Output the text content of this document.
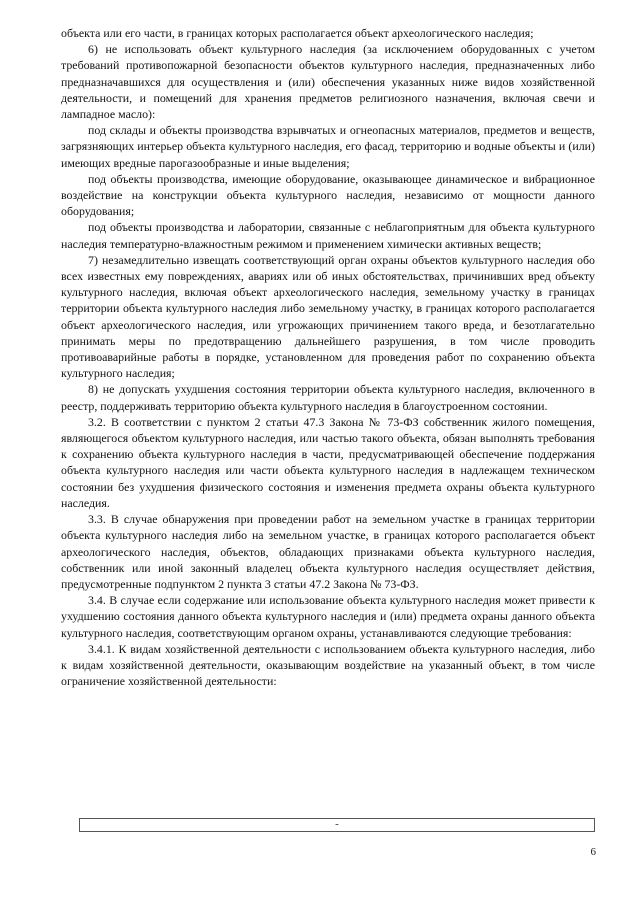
объекта или его части, в границах которых располагается объект археологического наследия;

6) не использовать объект культурного наследия (за исключением оборудованных с учетом требований противопожарной безопасности объектов культурного наследия, предназначенных либо предназначавшихся для осуществления и (или) обеспечения указанных ниже видов хозяйственной деятельности, и помещений для хранения предметов религиозного назначения, включая свечи и лампадное масло):

под склады и объекты производства взрывчатых и огнеопасных материалов, предметов и веществ, загрязняющих интерьер объекта культурного наследия, его фасад, территорию и водные объекты и (или) имеющих вредные парогазообразные и иные выделения;

под объекты производства, имеющие оборудование, оказывающее динамическое и вибрационное воздействие на конструкции объекта культурного наследия, независимо от мощности данного оборудования;

под объекты производства и лаборатории, связанные с неблагоприятным для объекта культурного наследия температурно-влажностным режимом и применением химически активных веществ;

7) незамедлительно извещать соответствующий орган охраны объектов культурного наследия обо всех известных ему повреждениях, авариях или об иных обстоятельствах, причинивших вред объекту культурного наследия, включая объект археологического наследия, земельному участку в границах территории объекта культурного наследия либо земельному участку, в границах которого располагается объект археологического наследия, или угрожающих причинением такого вреда, и безотлагательно принимать меры по предотвращению дальнейшего разрушения, в том числе проводить противоаварийные работы в порядке, установленном для проведения работ по сохранению объекта культурного наследия;

8) не допускать ухудшения состояния территории объекта культурного наследия, включенного в реестр, поддерживать территорию объекта культурного наследия в благоустроенном состоянии.

3.2. В соответствии с пунктом 2 статьи 47.3 Закона № 73-ФЗ собственник жилого помещения, являющегося объектом культурного наследия, или частью такого объекта, обязан выполнять требования к сохранению объекта культурного наследия в части, предусматривающей обеспечение поддержания объекта культурного наследия или части объекта культурного наследия в надлежащем техническом состоянии без ухудшения физического состояния и изменения предмета охраны объекта культурного наследия.

3.3. В случае обнаружения при проведении работ на земельном участке в границах территории объекта культурного наследия либо на земельном участке, в границах которого располагается объект археологического наследия, объектов, обладающих признаками объекта культурного наследия, собственник или иной законный владелец объекта культурного наследия осуществляет действия, предусмотренные подпунктом 2 пункта 3 статьи 47.2 Закона № 73-ФЗ.

3.4. В случае если содержание или использование объекта культурного наследия может привести к ухудшению состояния данного объекта культурного наследия и (или) предмета охраны данного объекта культурного наследия, соответствующим органом охраны, устанавливаются следующие требования:

3.4.1. К видам хозяйственной деятельности с использованием объекта культурного наследия, либо к видам хозяйственной деятельности, оказывающим воздействие на указанный объект, в том числе ограничение хозяйственной деятельности:

-
6
